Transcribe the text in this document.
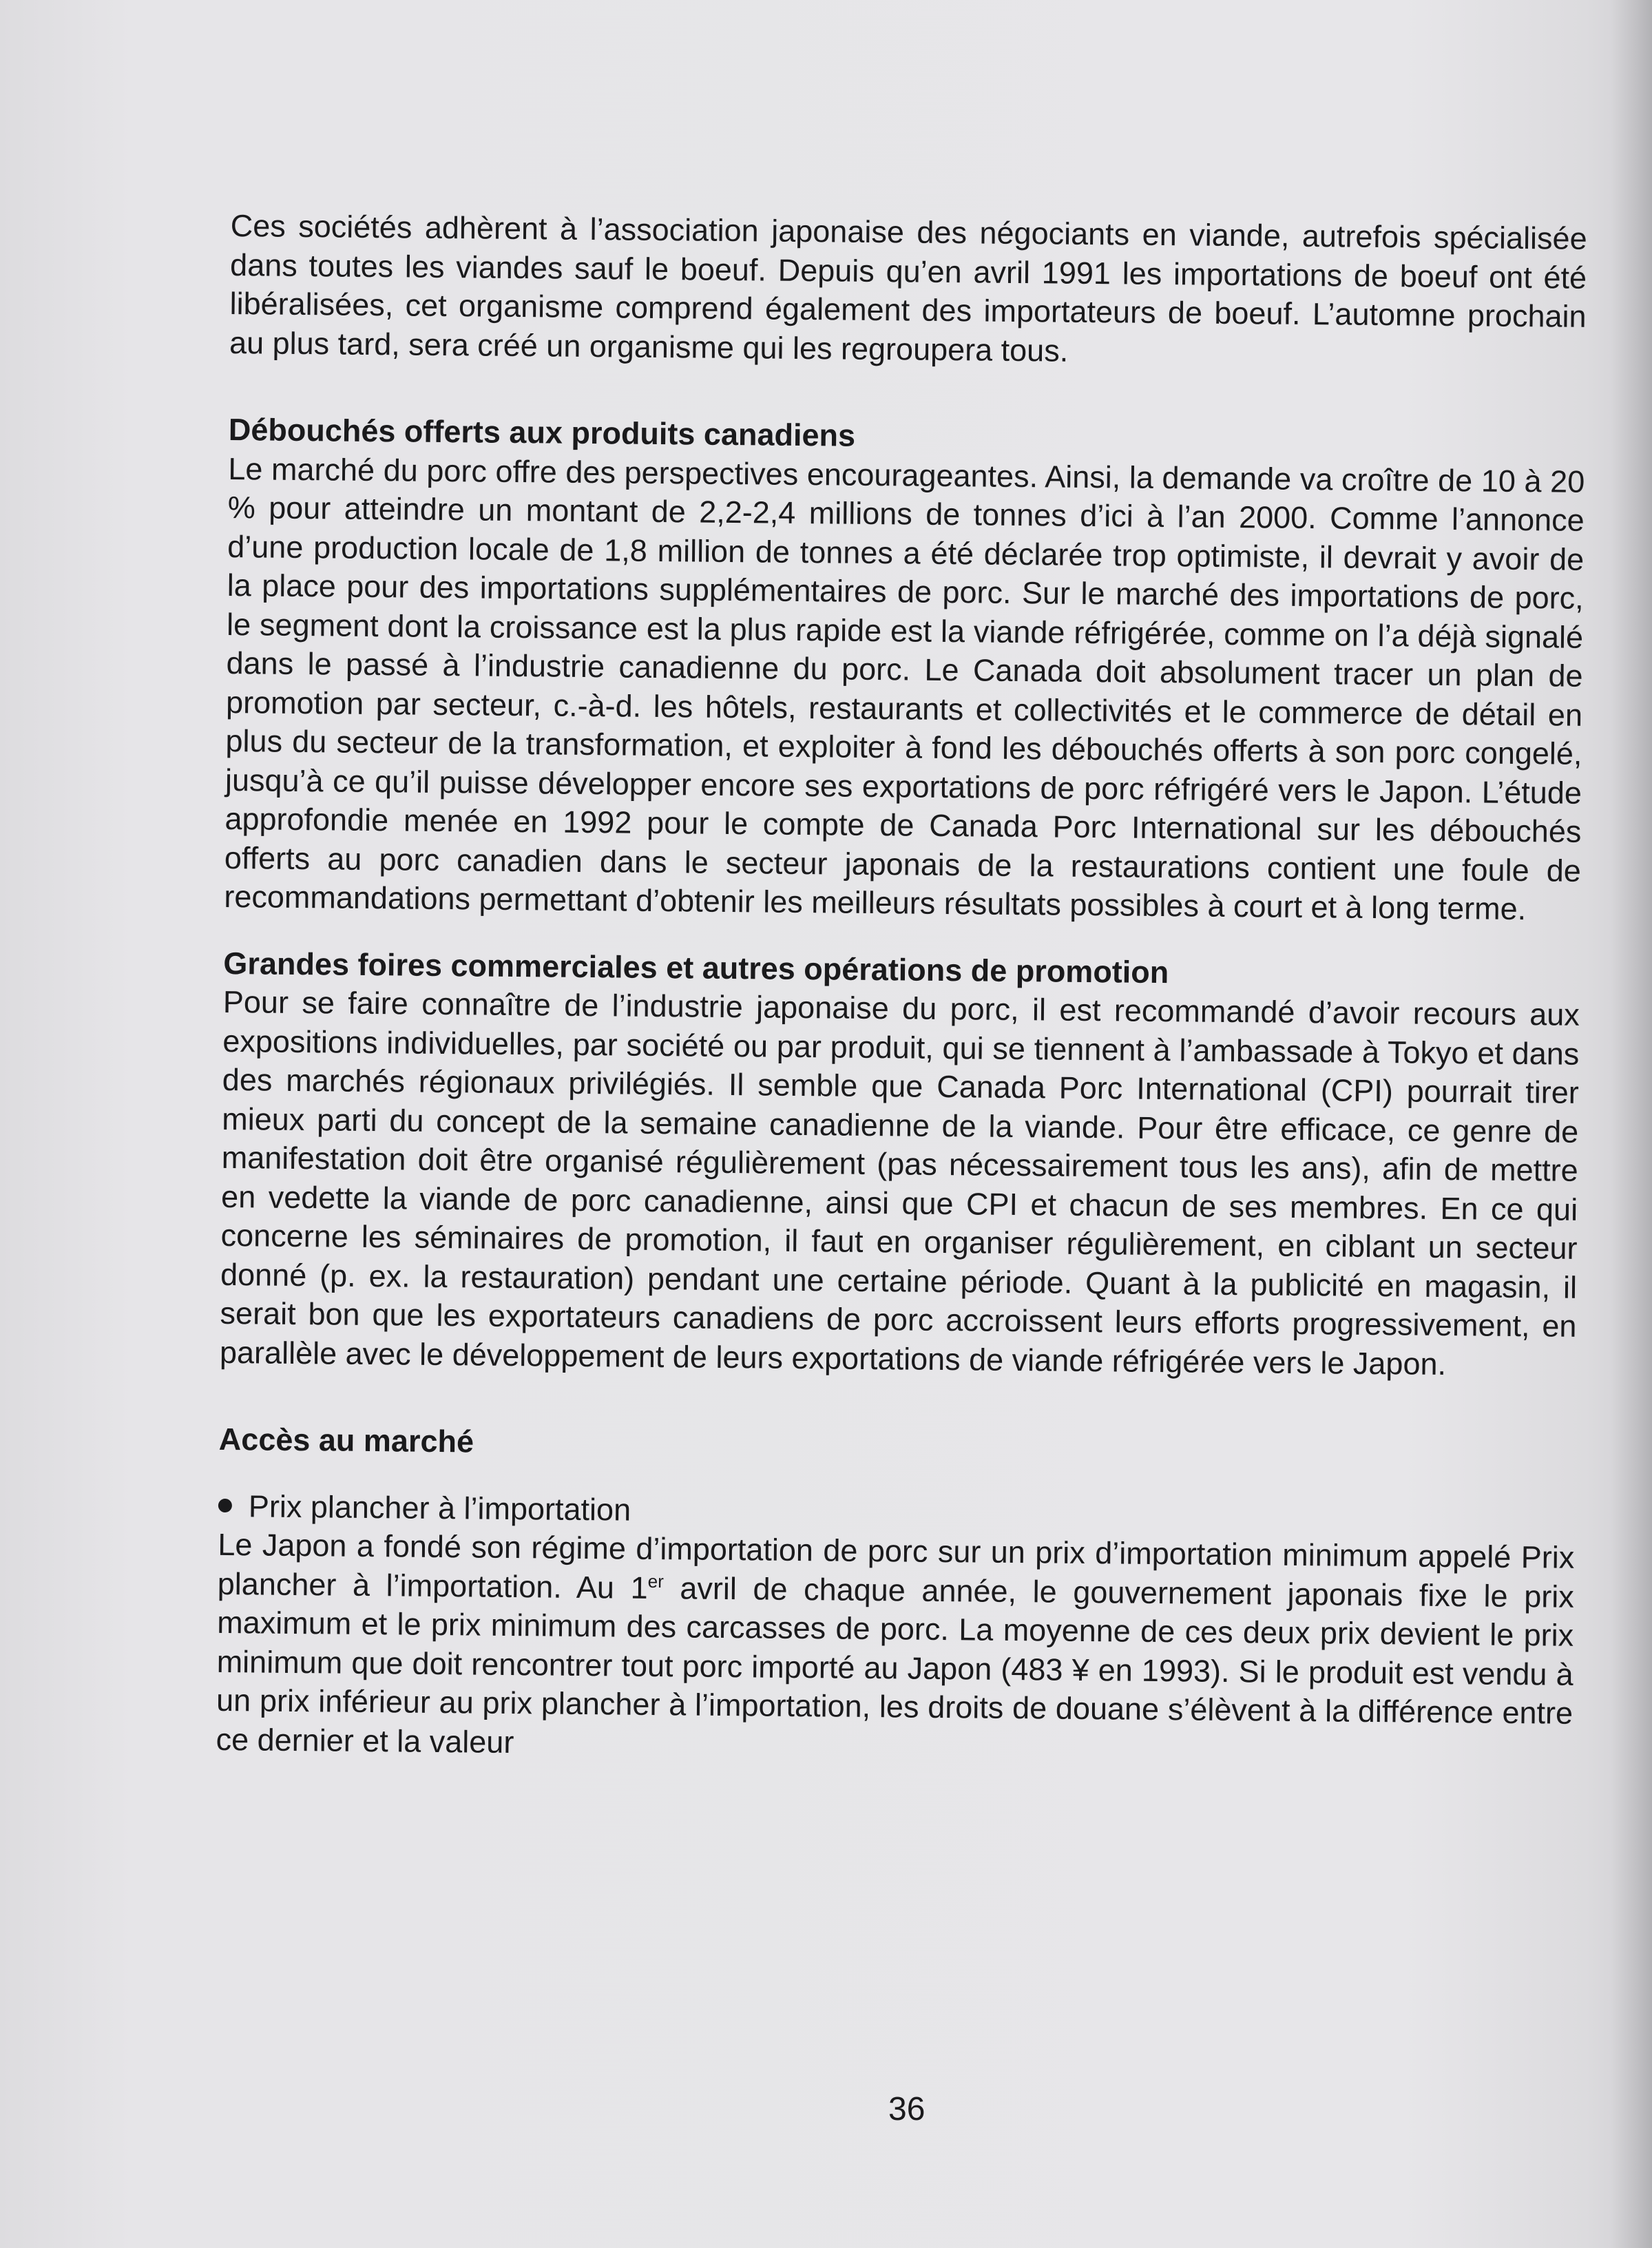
Ces sociétés adhèrent à l’association japonaise des négociants en viande, autrefois spécialisée dans toutes les viandes sauf le boeuf. Depuis qu’en avril 1991 les importations de boeuf ont été libéralisées, cet organisme comprend également des importateurs de boeuf. L’automne prochain au plus tard, sera créé un organisme qui les regroupera tous.

Débouchés offerts aux produits canadiens

Le marché du porc offre des perspectives encourageantes. Ainsi, la demande va croître de 10 à 20 % pour atteindre un montant de 2,2-2,4 millions de tonnes d’ici à l’an 2000. Comme l’annonce d’une production locale de 1,8 million de tonnes a été déclarée trop optimiste, il devrait y avoir de la place pour des importations supplémentaires de porc. Sur le marché des importations de porc, le segment dont la croissance est la plus rapide est la viande réfrigérée, comme on l’a déjà signalé dans le passé à l’industrie canadienne du porc. Le Canada doit absolument tracer un plan de promotion par secteur, c.-à-d. les hôtels, restaurants et collectivités et le commerce de détail en plus du secteur de la transformation, et exploiter à fond les débouchés offerts à son porc congelé, jusqu’à ce qu’il puisse développer encore ses exportations de porc réfrigéré vers le Japon. L’étude approfondie menée en 1992 pour le compte de Canada Porc International sur les débouchés offerts au porc canadien dans le secteur japonais de la restaurations contient une foule de recommandations permettant d’obtenir les meilleurs résultats possibles à court et à long terme.

Grandes foires commerciales et autres opérations de promotion

Pour se faire connaître de l’industrie japonaise du porc, il est recommandé d’avoir recours aux expositions individuelles, par société ou par produit, qui se tiennent à l’ambassade à Tokyo et dans des marchés régionaux privilégiés. Il semble que Canada Porc International (CPI) pourrait tirer mieux parti du concept de la semaine canadienne de la viande. Pour être efficace, ce genre de manifestation doit être organisé régulièrement (pas nécessairement tous les ans), afin de mettre en vedette la viande de porc canadienne, ainsi que CPI et chacun de ses membres. En ce qui concerne les séminaires de promotion, il faut en organiser régulièrement, en ciblant un secteur donné (p. ex. la restauration) pendant une certaine période. Quant à la publicité en magasin, il serait bon que les exportateurs canadiens de porc accroissent leurs efforts progressivement, en parallèle avec le développement de leurs exportations de viande réfrigérée vers le Japon.

Accès au marché

Prix plancher à l’importation

Le Japon a fondé son régime d’importation de porc sur un prix d’importation minimum appelé Prix plancher à l’importation. Au 1er avril de chaque année, le gouvernement japonais fixe le prix maximum et le prix minimum des carcasses de porc. La moyenne de ces deux prix devient le prix minimum que doit rencontrer tout porc importé au Japon (483 ¥ en 1993). Si le produit est vendu à un prix inférieur au prix plancher à l’importation, les droits de douane s’élèvent à la différence entre ce dernier et la valeur

36
